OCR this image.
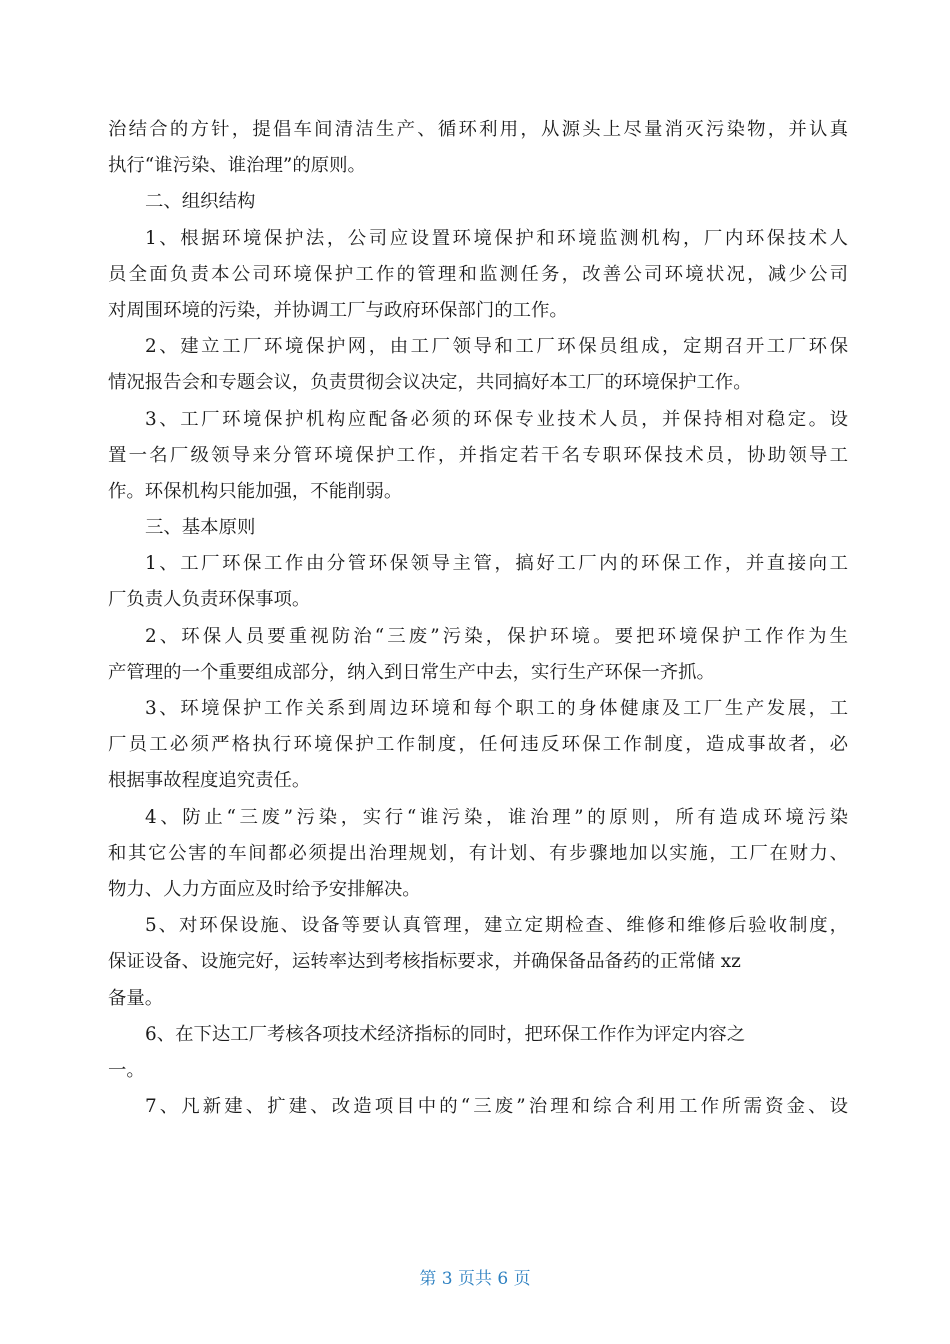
治结合的方针，提倡车间清洁生产、循环利用，从源头上尽量消灭污染物，并认真
执行“谁污染、谁治理”的原则。
二、组织结构
1、根据环境保护法，公司应设置环境保护和环境监测机构，厂内环保技术人
员全面负责本公司环境保护工作的管理和监测任务，改善公司环境状况，减少公司
对周围环境的污染，并协调工厂与政府环保部门的工作。
2、建立工厂环境保护网，由工厂领导和工厂环保员组成，定期召开工厂环保
情况报告会和专题会议，负责贯彻会议决定，共同搞好本工厂的环境保护工作。
3、工厂环境保护机构应配备必须的环保专业技术人员，并保持相对稳定。设
置一名厂级领导来分管环境保护工作，并指定若干名专职环保技术员，协助领导工
作。环保机构只能加强，不能削弱。
三、基本原则
1、工厂环保工作由分管环保领导主管，搞好工厂内的环保工作，并直接向工
厂负责人负责环保事项。
2、环保人员要重视防治“三废”污染，保护环境。要把环境保护工作作为生
产管理的一个重要组成部分，纳入到日常生产中去，实行生产环保一齐抓。
3、环境保护工作关系到周边环境和每个职工的身体健康及工厂生产发展，工
厂员工必须严格执行环境保护工作制度，任何违反环保工作制度，造成事故者，必
根据事故程度追究责任。
4、防止“三废”污染，实行“谁污染，谁治理”的原则，所有造成环境污染
和其它公害的车间都必须提出治理规划，有计划、有步骤地加以实施，工厂在财力、
物力、人力方面应及时给予安排解决。
5、对环保设施、设备等要认真管理，建立定期检查、维修和维修后验收制度，
保证设备、设施完好，运转率达到考核指标要求，并确保备品备药的正常储 xz
备量。
6、在下达工厂考核各项技术经济指标的同时，把环保工作作为评定内容之
一。
7、凡新建、扩建、改造项目中的“三废”治理和综合利用工作所需资金、设
第 3 页共 6 页
